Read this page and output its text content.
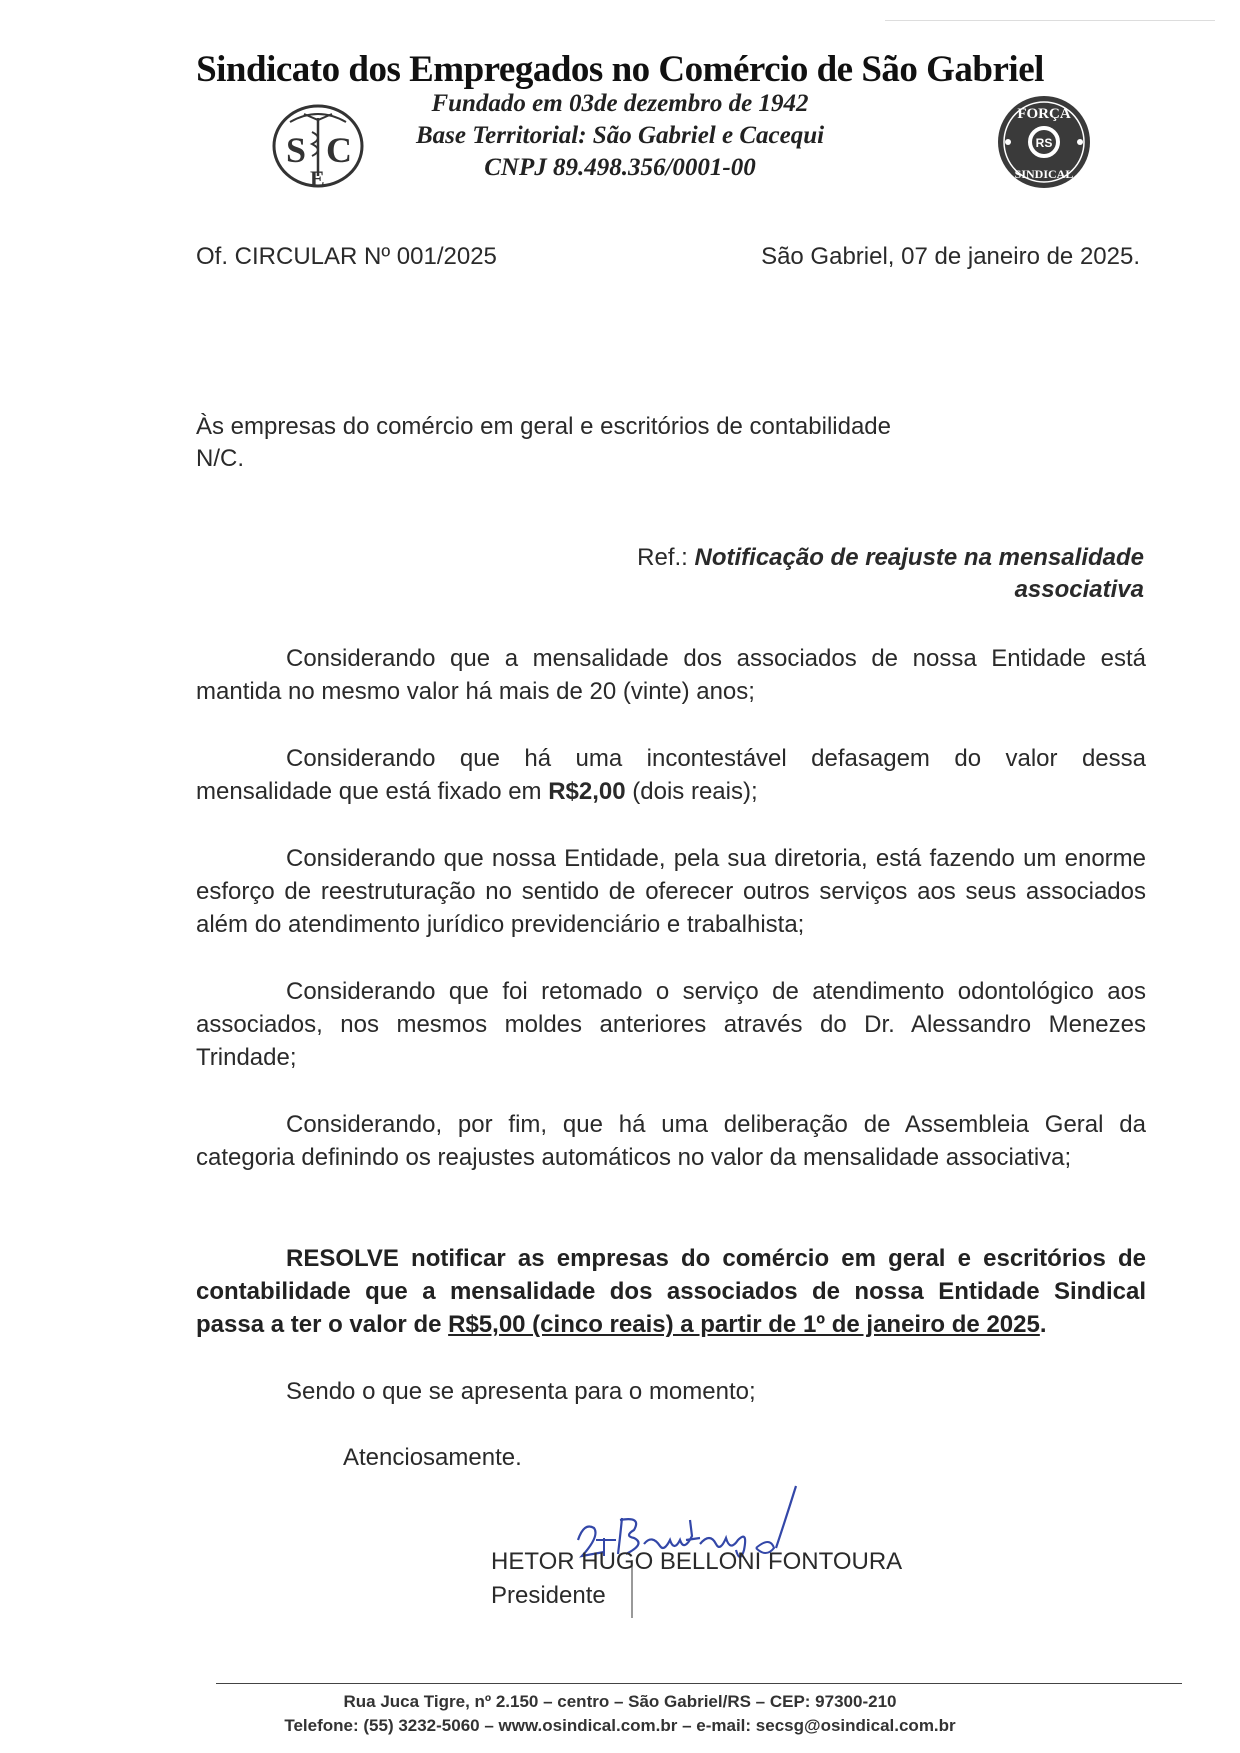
Sindicato dos Empregados no Comércio de São Gabriel
Fundado em 03de dezembro de 1942
Base Territorial: São Gabriel e Cacequi
CNPJ 89.498.356/0001-00
S C
E
RS
FORÇA
SINDICAL
Of. CIRCULAR Nº 001/2025	São Gabriel, 07 de janeiro de 2025.
Às empresas do comércio em geral e escritórios de contabilidade
N/C.
Ref.: Notificação de reajuste na mensalidade associativa
Considerando que a mensalidade dos associados de nossa Entidade está mantida no mesmo valor há mais de 20 (vinte) anos;
Considerando que há uma incontestável defasagem do valor dessa mensalidade que está fixado em R$2,00 (dois reais);
Considerando que nossa Entidade, pela sua diretoria, está fazendo um enorme esforço de reestruturação no sentido de oferecer outros serviços aos seus associados além do atendimento jurídico previdenciário e trabalhista;
Considerando que foi retomado o serviço de atendimento odontológico aos associados, nos mesmos moldes anteriores através do Dr. Alessandro Menezes Trindade;
Considerando, por fim, que há uma deliberação de Assembleia Geral da categoria definindo os reajustes automáticos no valor da mensalidade associativa;
RESOLVE notificar as empresas do comércio em geral e escritórios de contabilidade que a mensalidade dos associados de nossa Entidade Sindical passa a ter o valor de R$5,00 (cinco reais) a partir de 1º de janeiro de 2025.
Sendo o que se apresenta para o momento;
Atenciosamente.
HETOR HUGO BELLONI FONTOURA
Presidente
Rua Juca Tigre, nº 2.150 – centro – São Gabriel/RS – CEP: 97300-210
Telefone: (55) 3232-5060 – www.osindical.com.br – e-mail: secsg@osindical.com.br
